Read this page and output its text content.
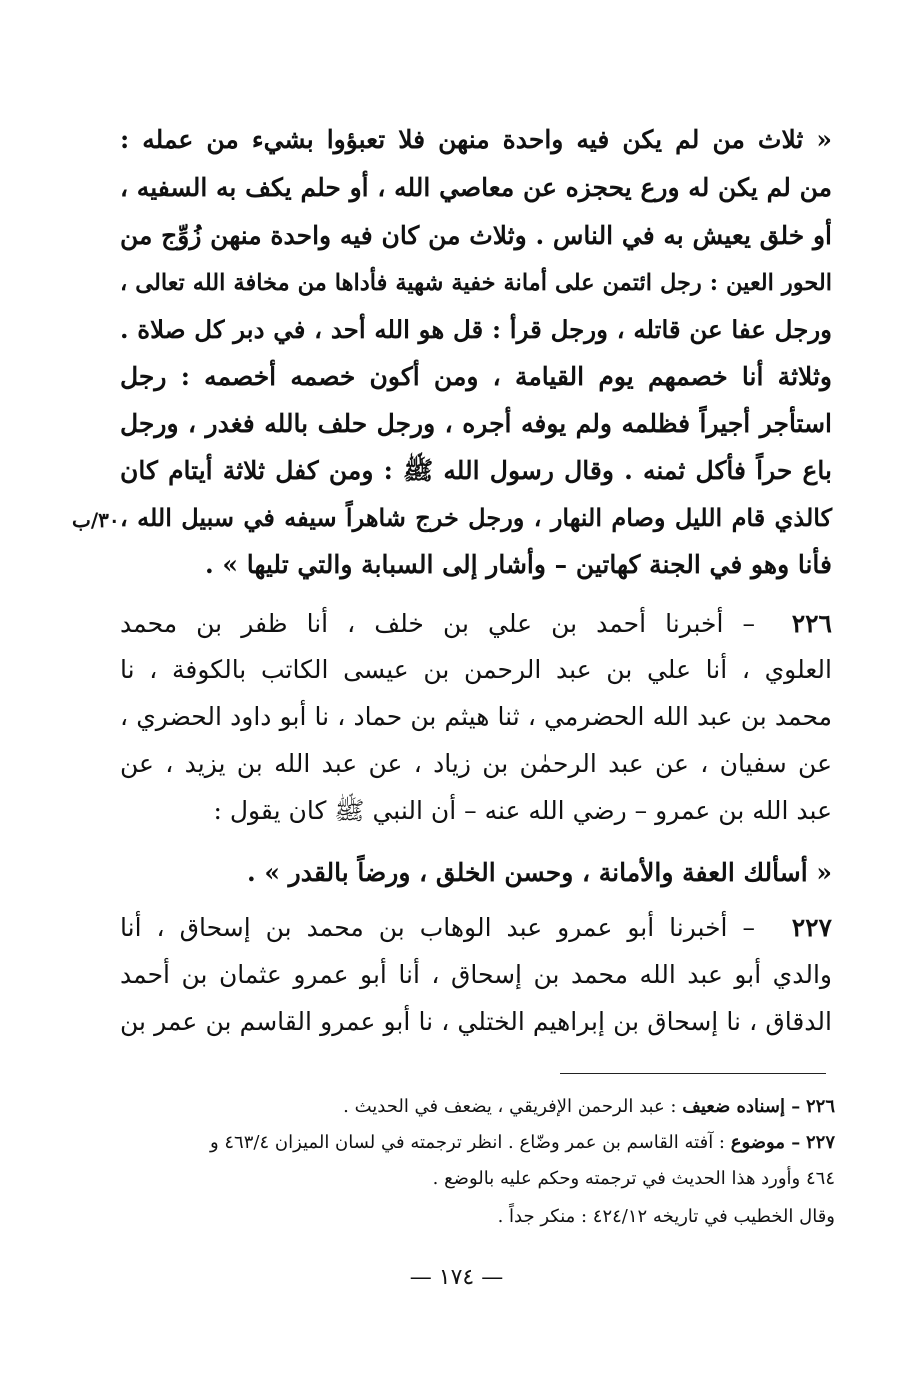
« ثلاث من لم يكن فيه واحدة منهن فلا تعبؤوا بشيء من عمله :
من لم يكن له ورع يحجزه عن معاصي الله ، أو حلم يكف به السفيه ،
أو خلق يعيش به في الناس . وثلاث من كان فيه واحدة منهن زُوِّج من
الحور العين : رجل ائتمن على أمانة خفية شهية فأداها من مخافة الله تعالى ،
ورجل عفا عن قاتله ، ورجل قرأ : قل هو الله أحد ، في دبر كل صلاة .
وثلاثة أنا خصمهم يوم القيامة ، ومن أكون خصمه أخصمه : رجل
استأجر أجيراً فظلمه ولم يوفه أجره ، ورجل حلف بالله فغدر ، ورجل
باع حراً فأكل ثمنه . وقال رسول الله ﷺ : ومن كفل ثلاثة أيتام كان
كالذي قام الليل وصام النهار ، ورجل خرج شاهراً سيفه في سبيل الله ،
٣٠/ب
فأنا وهو في الجنة كهاتين – وأشار إلى السبابة والتي تليها » .
– أخبرنا أحمد بن علي بن خلف ، أنا ظفر بن محمد	٢٢٦
العلوي ، أنا علي بن عبد الرحمن بن عيسى الكاتب بالكوفة ، نا
محمد بن عبد الله الحضرمي ، ثنا هيثم بن حماد ، نا أبو داود الحضري ،
عن سفيان ، عن عبد الرحمٰن بن زياد ، عن عبد الله بن يزيد ، عن
عبد الله بن عمرو – رضي الله عنه – أن النبي ﷺ كان يقول :
« أسألك العفة والأمانة ، وحسن الخلق ، ورضاً بالقدر » .
– أخبرنا أبو عمرو عبد الوهاب بن محمد بن إسحاق ، أنا	٢٢٧
والدي أبو عبد الله محمد بن إسحاق ، أنا أبو عمرو عثمان بن أحمد
الدقاق ، نا إسحاق بن إبراهيم الختلي ، نا أبو عمرو القاسم بن عمر بن
٢٢٦ – إسناده ضعيف : عبد الرحمن الإفريقي ، يضعف في الحديث .
٢٢٧ – موضوع : آفته القاسم بن عمر وضّاع . انظر ترجمته في لسان الميزان ٤٦٣/٤ و
٤٦٤ وأورد هذا الحديث في ترجمته وحكم عليه بالوضع .
وقال الخطيب في تاريخه ٤٢٤/١٢ : منكر جداً .
— ١٧٤ —
